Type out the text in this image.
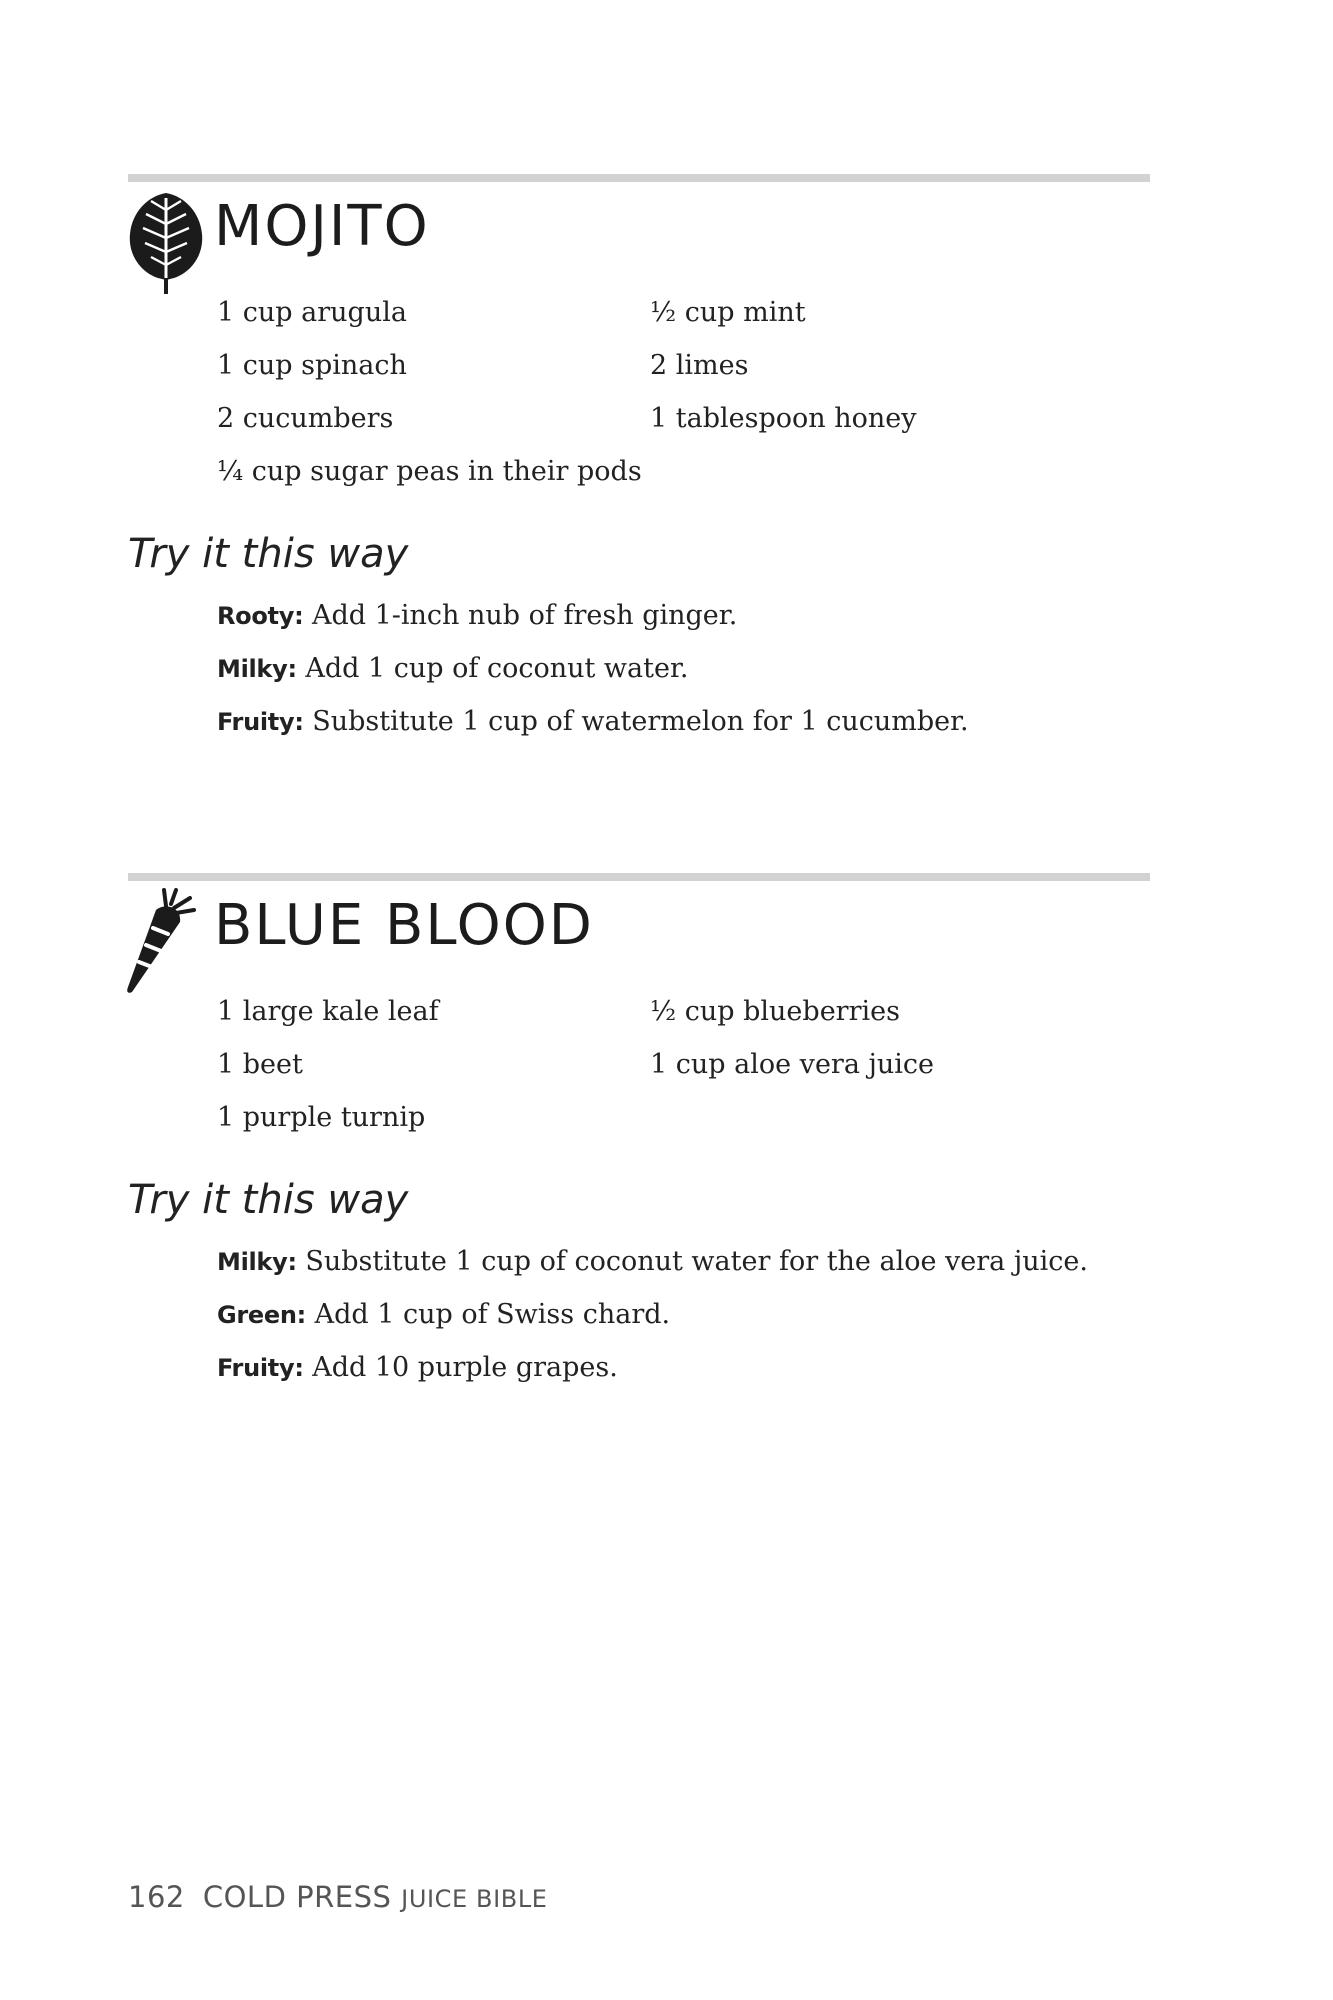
MOJITO
1 cup arugula
1 cup spinach
2 cucumbers
¼ cup sugar peas in their pods
½ cup mint
2 limes
1 tablespoon honey
Try it this way
Rooty: Add 1-inch nub of fresh ginger.
Milky: Add 1 cup of coconut water.
Fruity: Substitute 1 cup of watermelon for 1 cucumber.
BLUE BLOOD
1 large kale leaf
1 beet
1 purple turnip
½ cup blueberries
1 cup aloe vera juice
Try it this way
Milky: Substitute 1 cup of coconut water for the aloe vera juice.
Green: Add 1 cup of Swiss chard.
Fruity: Add 10 purple grapes.
162 COLD PRESS JUICE BIBLE
